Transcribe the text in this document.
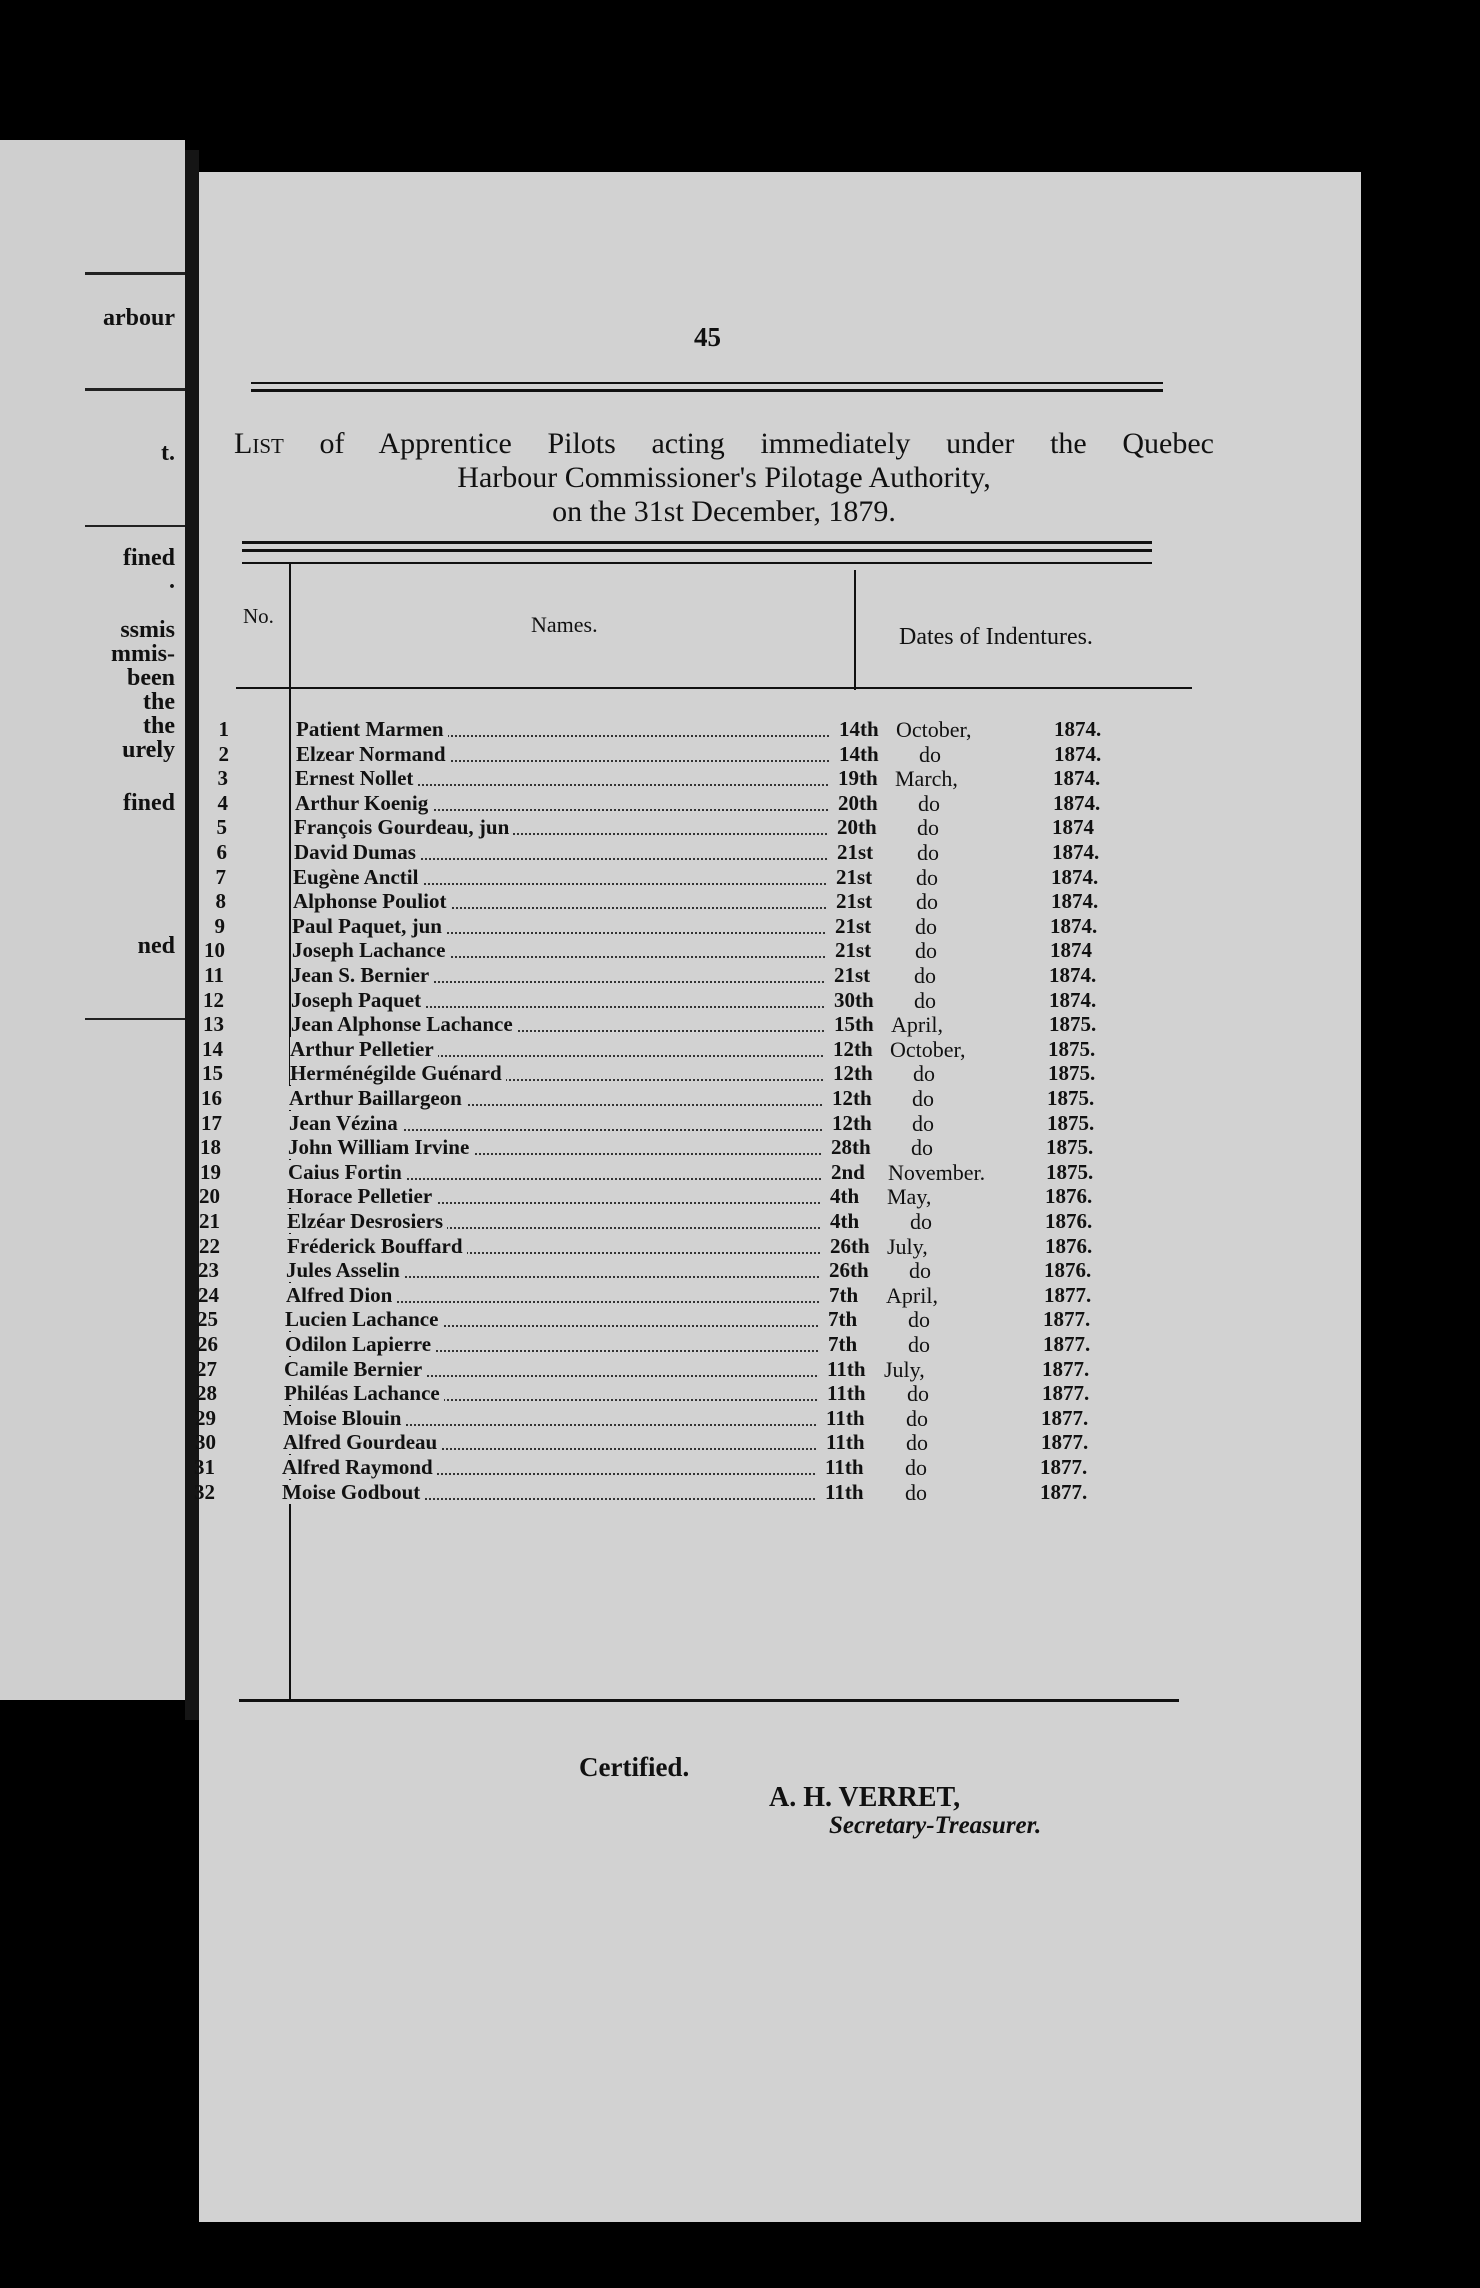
arbour
t.
fined
.
ssmis
mmis-
been
the
the
urely
fined
ned
45
List of Apprentice Pilots acting immediately under the Quebec
Harbour Commissioner's Pilotage Authority,
on the 31st December, 1879.
No.	Names.	Dates of Indentures.
1	Patient Marmen	14th October,	1874.
2	Elzear Normand	14th do	1874.
3	Ernest Nollet	19th March,	1874.
4	Arthur Koenig	20th do	1874.
5	François Gourdeau, jun	20th do	1874
6	David Dumas	21st do	1874.
7	Eugène Anctil	21st do	1874.
8	Alphonse Pouliot	21st do	1874.
9	Paul Paquet, jun	21st do	1874.
10	Joseph Lachance	21st do	1874
11	Jean S. Bernier	21st do	1874.
12	Joseph Paquet	30th do	1874.
13	Jean Alphonse Lachance	15th April,	1875.
14	Arthur Pelletier	12th October,	1875.
15	Herménégilde Guénard	12th do	1875.
16	Arthur Baillargeon	12th do	1875.
17	Jean Vézina	12th do	1875.
18	John William Irvine	28th do	1875.
19	Caius Fortin	2nd November.	1875.
20	Horace Pelletier	4th May,	1876.
21	Elzéar Desrosiers	4th do	1876.
22	Fréderick Bouffard	26th July,	1876.
23	Jules Asselin	26th do	1876.
24	Alfred Dion	7th April,	1877.
25	Lucien Lachance	7th do	1877.
26	Odilon Lapierre	7th do	1877.
27	Camile Bernier	11th July,	1877.
28	Philéas Lachance	11th do	1877.
29	Moise Blouin	11th do	1877.
30	Alfred Gourdeau	11th do	1877.
31	Alfred Raymond	11th do	1877.
32	Moise Godbout	11th do	1877.
Certified.
A. H. VERRET,
Secretary-Treasurer.
